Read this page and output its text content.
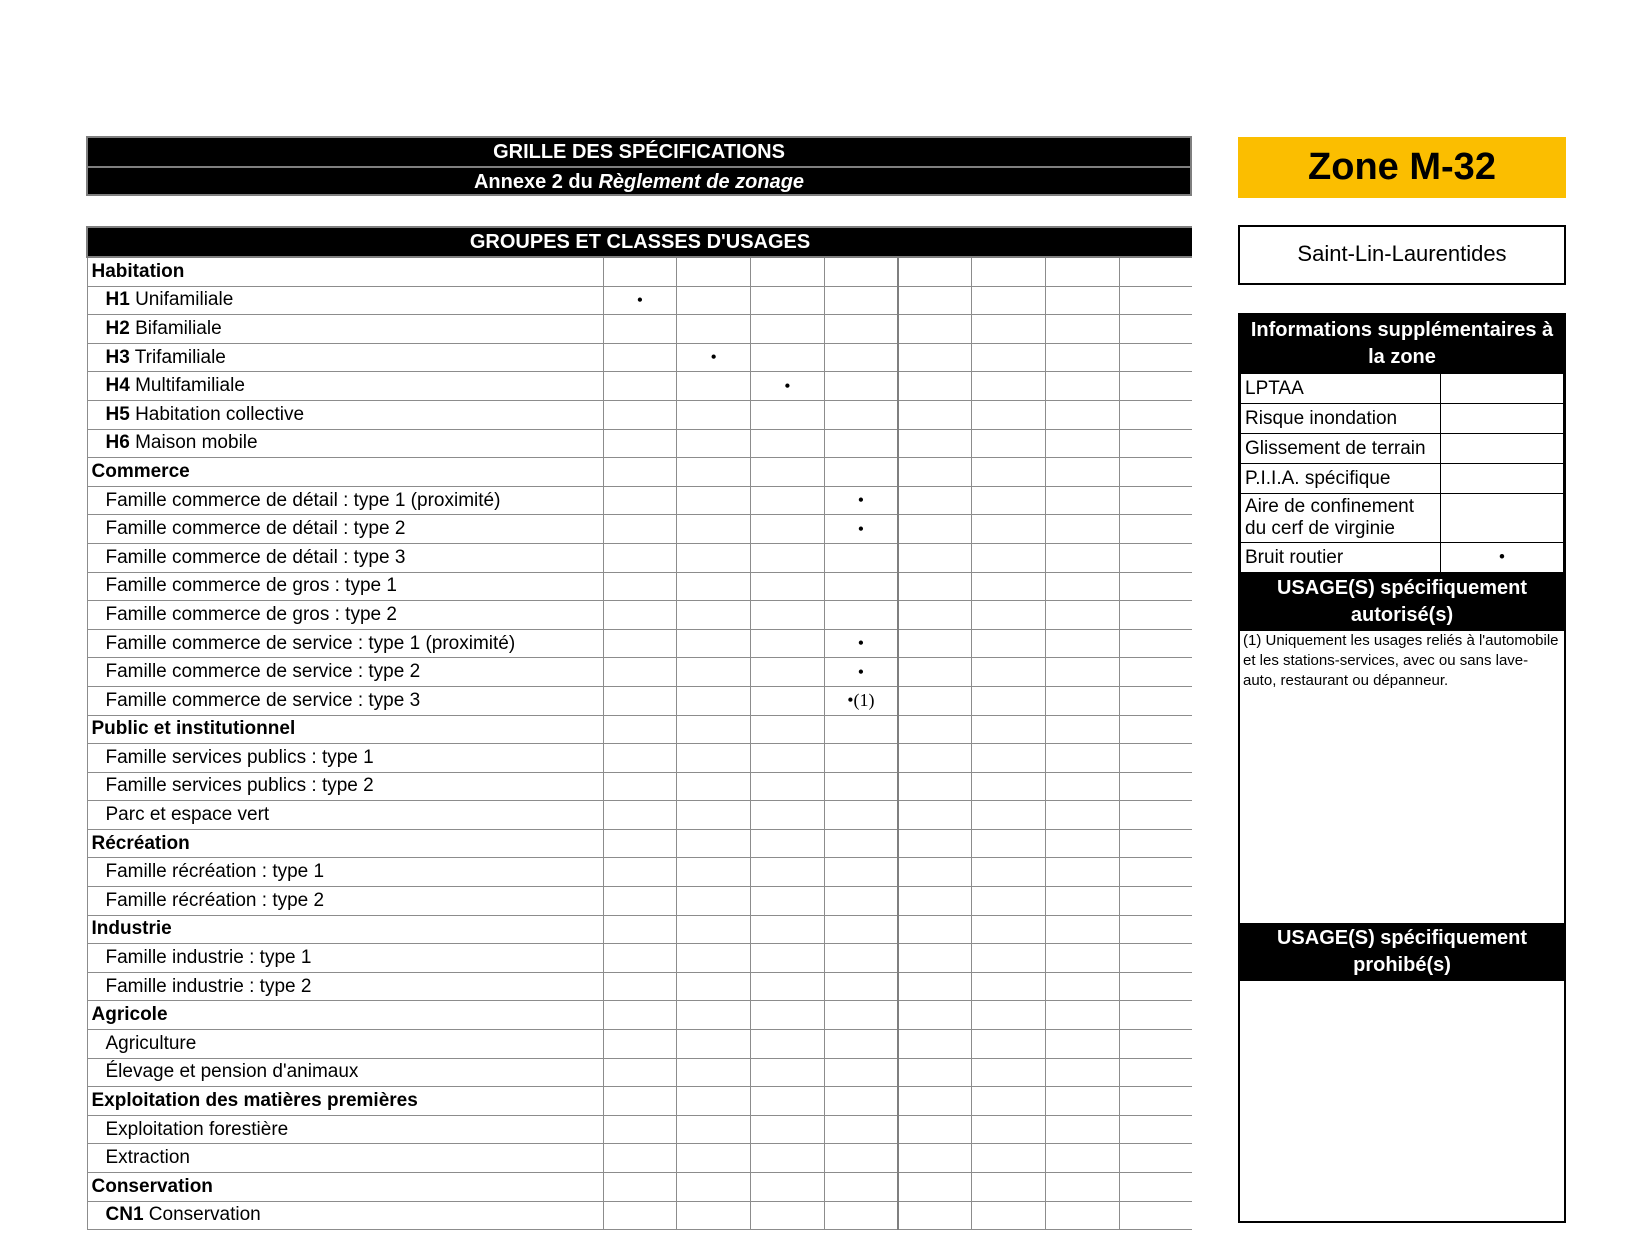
GRILLE DES SPÉCIFICATIONS
Annexe 2 du Règlement de zonage	Zone M-32
Saint-Lin-Laurentides
GROUPES ET CLASSES D'USAGES								
Habitation								
H1 Unifamiliale	•							
H2 Bifamiliale								
H3 Trifamiliale		•						
H4 Multifamiliale			•					
H5 Habitation collective								
H6 Maison mobile								
Commerce								
Famille commerce de détail : type 1 (proximité)				•				
Famille commerce de détail : type 2				•				
Famille commerce de détail : type 3								
Famille commerce de gros : type 1								
Famille commerce de gros : type 2								
Famille commerce de service : type 1 (proximité)				•				
Famille commerce de service : type 2				•				
Famille commerce de service : type 3				•(1)				
Public et institutionnel								
Famille services publics : type 1								
Famille services publics : type 2								
Parc et espace vert								
Récréation								
Famille récréation : type 1								
Famille récréation : type 2								
Industrie								
Famille industrie : type 1								
Famille industrie : type 2								
Agricole								
Agriculture								
Élevage et pension d'animaux								
Exploitation des matières premières								
Exploitation forestière								
Extraction								
Conservation								
CN1 Conservation								
Informations supplémentaires à la zone
LPTAA	
Risque inondation	
Glissement de terrain	
P.I.I.A. spécifique	
Aire de confinement du cerf de virginie	
Bruit routier	•
USAGE(S) spécifiquement autorisé(s)
(1) Uniquement les usages reliés à l'automobile et les stations-services, avec ou sans lave-auto, restaurant ou dépanneur.
USAGE(S) spécifiquement prohibé(s)
